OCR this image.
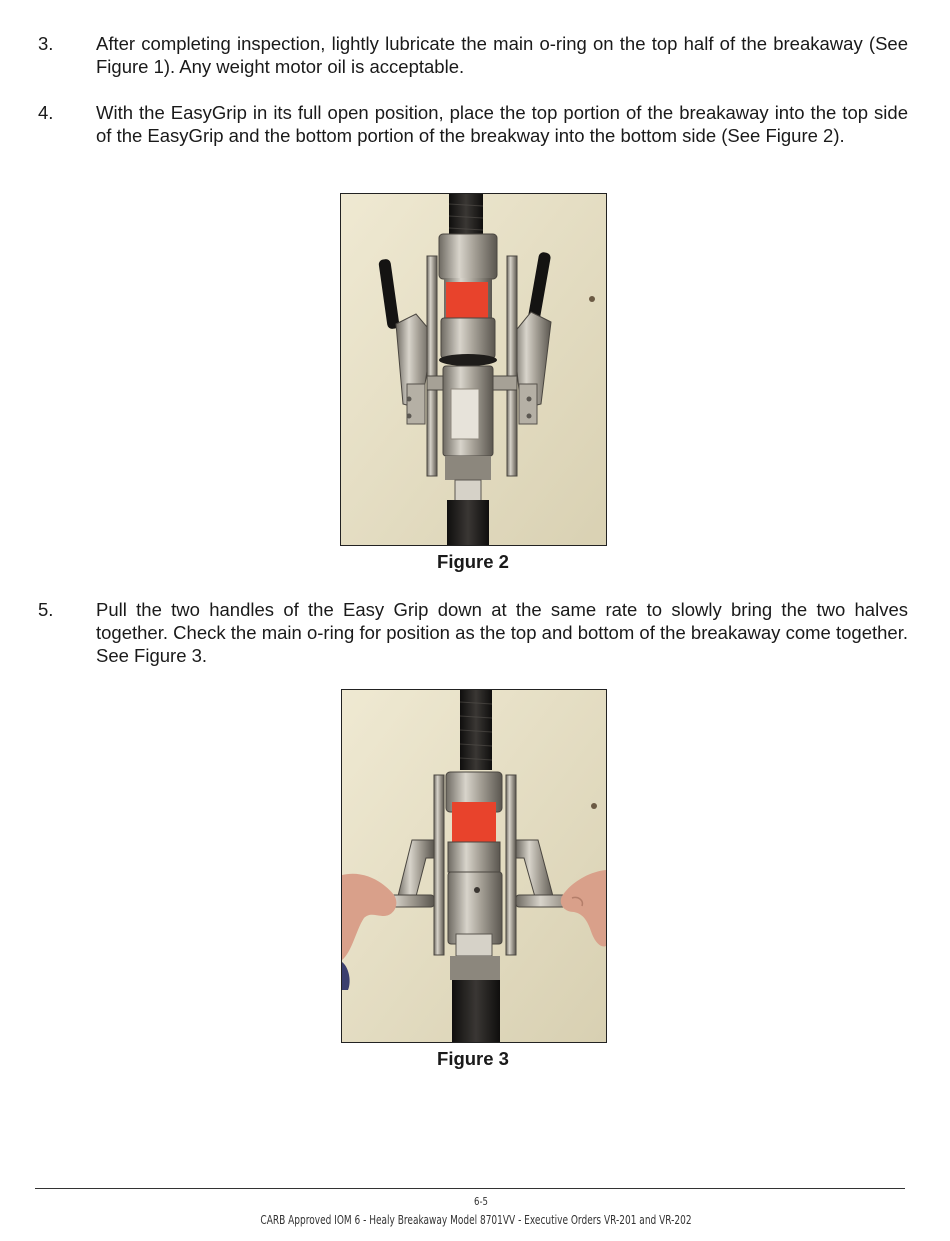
3. After completing inspection, lightly lubricate the main o-ring on the top half of the breakaway (See Figure 1). Any weight motor oil is acceptable.
4. With the EasyGrip in its full open position, place the top portion of the breakaway into the top side of the EasyGrip and the bottom portion of the breakway into the bottom side (See Figure 2).
Figure 2
5. Pull the two handles of the Easy Grip down at the same rate to slowly bring the two halves together. Check the main o-ring for position as the top and bottom of the breakaway come together. See Figure 3.
Figure 3
6-5
CARB Approved IOM 6 - Healy Breakaway Model 8701VV - Executive Orders VR-201 and VR-202
